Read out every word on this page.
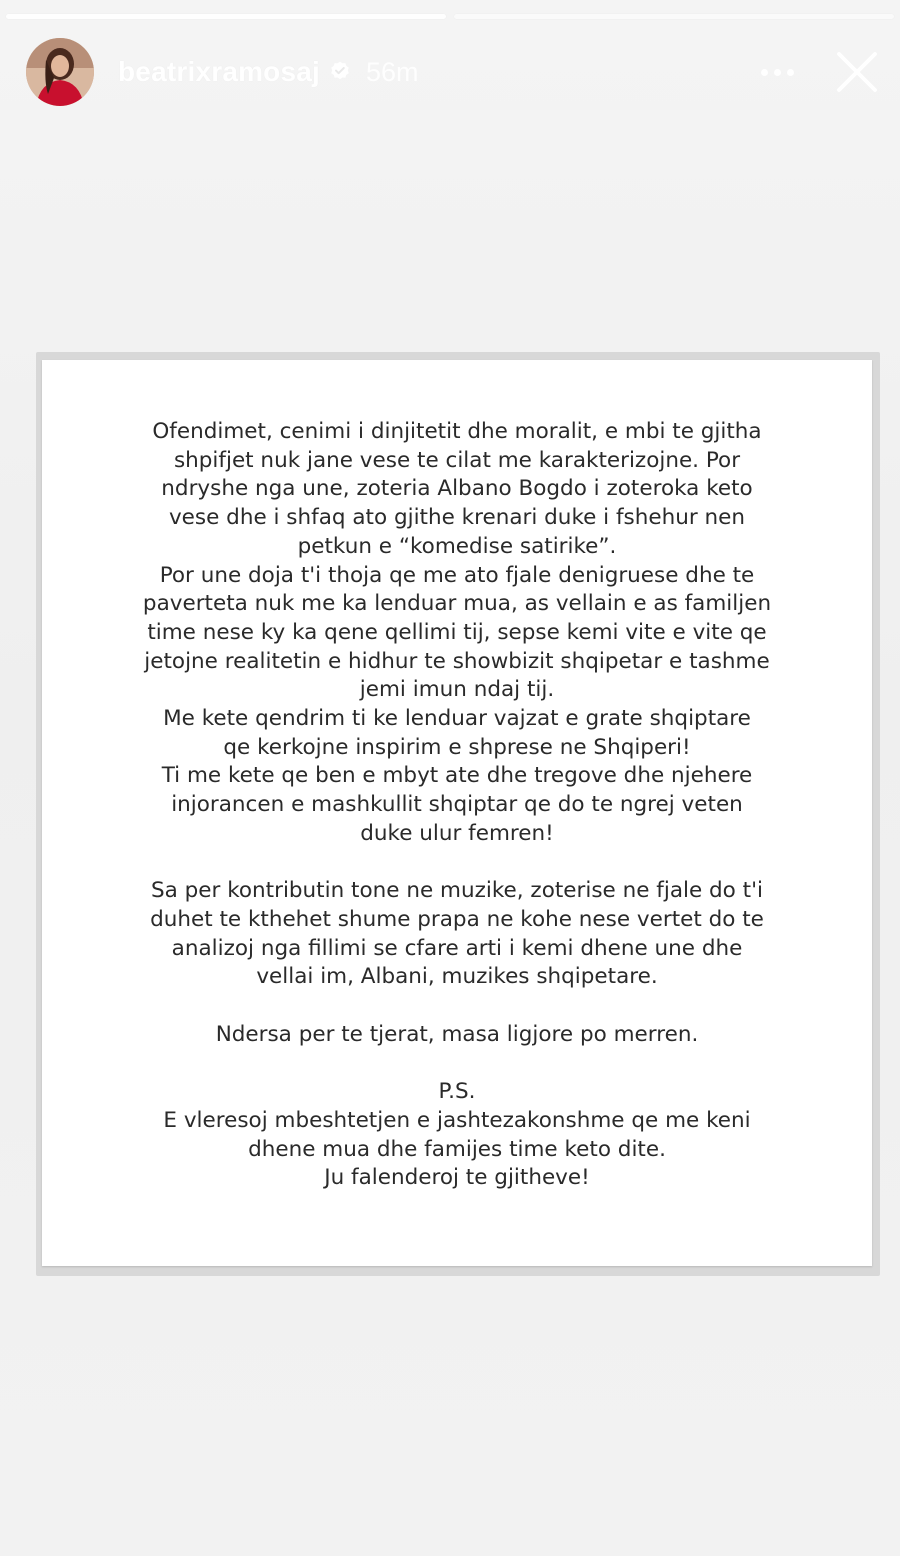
beatrixramosaj 56m

Ofendimet, cenimi i dinjitetit dhe moralit, e mbi te gjitha

shpifjet nuk jane vese te cilat me karakterizojne. Por

ndryshe nga une, zoteria Albano Bogdo i zoteroka keto

vese dhe i shfaq ato gjithe krenari duke i fshehur nen

petkun e “komedise satirike”.

Por une doja t'i thoja qe me ato fjale denigruese dhe te

paverteta nuk me ka lenduar mua, as vellain e as familjen

time nese ky ka qene qellimi tij, sepse kemi vite e vite qe

jetojne realitetin e hidhur te showbizit shqipetar e tashme

jemi imun ndaj tij.

Me kete qendrim ti ke lenduar vajzat e grate shqiptare

qe kerkojne inspirim e shprese ne Shqiperi!

Ti me kete qe ben e mbyt ate dhe tregove dhe njehere

injorancen e mashkullit shqiptar qe do te ngrej veten

duke ulur femren!

Sa per kontributin tone ne muzike, zoterise ne fjale do t'i

duhet te kthehet shume prapa ne kohe nese vertet do te

analizoj nga fillimi se cfare arti i kemi dhene une dhe

vellai im, Albani, muzikes shqipetare.

Ndersa per te tjerat, masa ligjore po merren.

P.S.

E vleresoj mbeshtetjen e jashtezakonshme qe me keni

dhene mua dhe famijes time keto dite.

Ju falenderoj te gjitheve!
